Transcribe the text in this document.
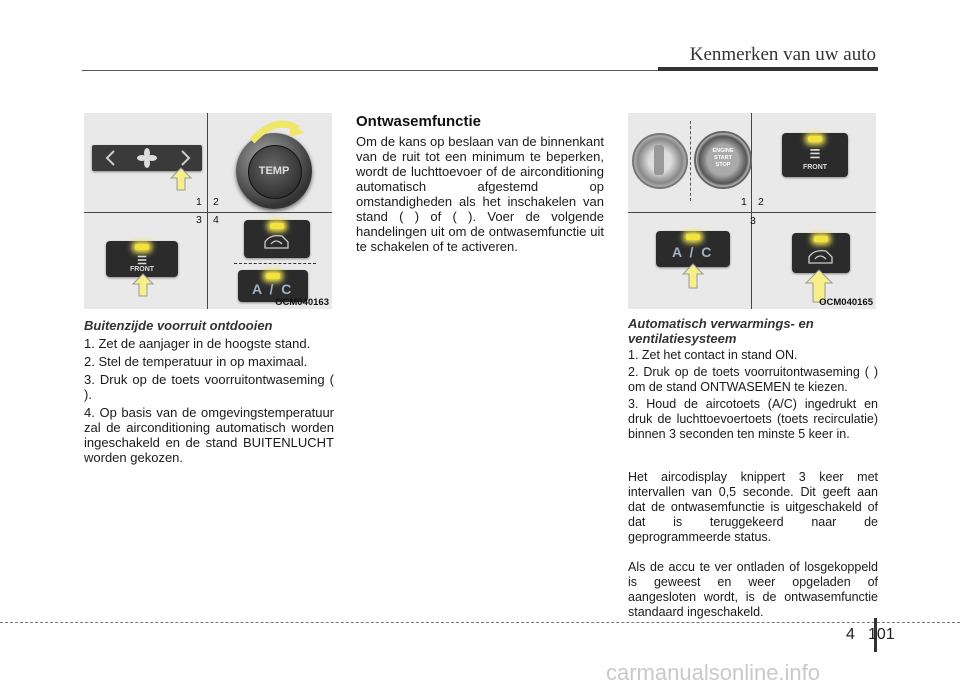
Kenmerken van uw auto
TEMP
1 2
3 4
☰
FRONT
A / C
OCM040163
ENGINE START STOP
☰
FRONT
1 2
3
A / C
OCM040165
Buitenzijde voorruit ontdooien
1. Zet de aanjager in de hoogste stand.
2. Stel de temperatuur in op maximaal.
3. Druk op de toets voorruitontwaseming ( ).
4. Op basis van de omgevingstemperatuur zal de airconditioning automatisch worden ingeschakeld en de stand BUITENLUCHT worden gekozen.
Ontwasemfunctie
Om de kans op beslaan van de binnenkant van de ruit tot een minimum te beperken, wordt de luchttoevoer of de airconditioning automatisch afgestemd op omstandigheden als het inschakelen van stand ( ) of ( ). Voer de volgende handelingen uit om de ontwasemfunctie uit te schakelen of te activeren.
Automatisch verwarmings- en
ventilatiesysteem
1. Zet het contact in stand ON.
2. Druk op de toets voorruitontwaseming ( ) om de stand ONTWASEMEN te kiezen.
3. Houd de aircotoets (A/C) ingedrukt en druk de luchttoevoertoets (toets recirculatie) binnen 3 seconden ten minste 5 keer in.
Het aircodisplay knippert 3 keer met intervallen van 0,5 seconde. Dit geeft aan dat de ontwasemfunctie is uitgeschakeld of dat is teruggekeerd naar de geprogrammeerde status.
Als de accu te ver ontladen of losgekoppeld is geweest en weer opgeladen of aangesloten wordt, is de ontwasemfunctie standaard ingeschakeld.
4 101
carmanualsonline.info
